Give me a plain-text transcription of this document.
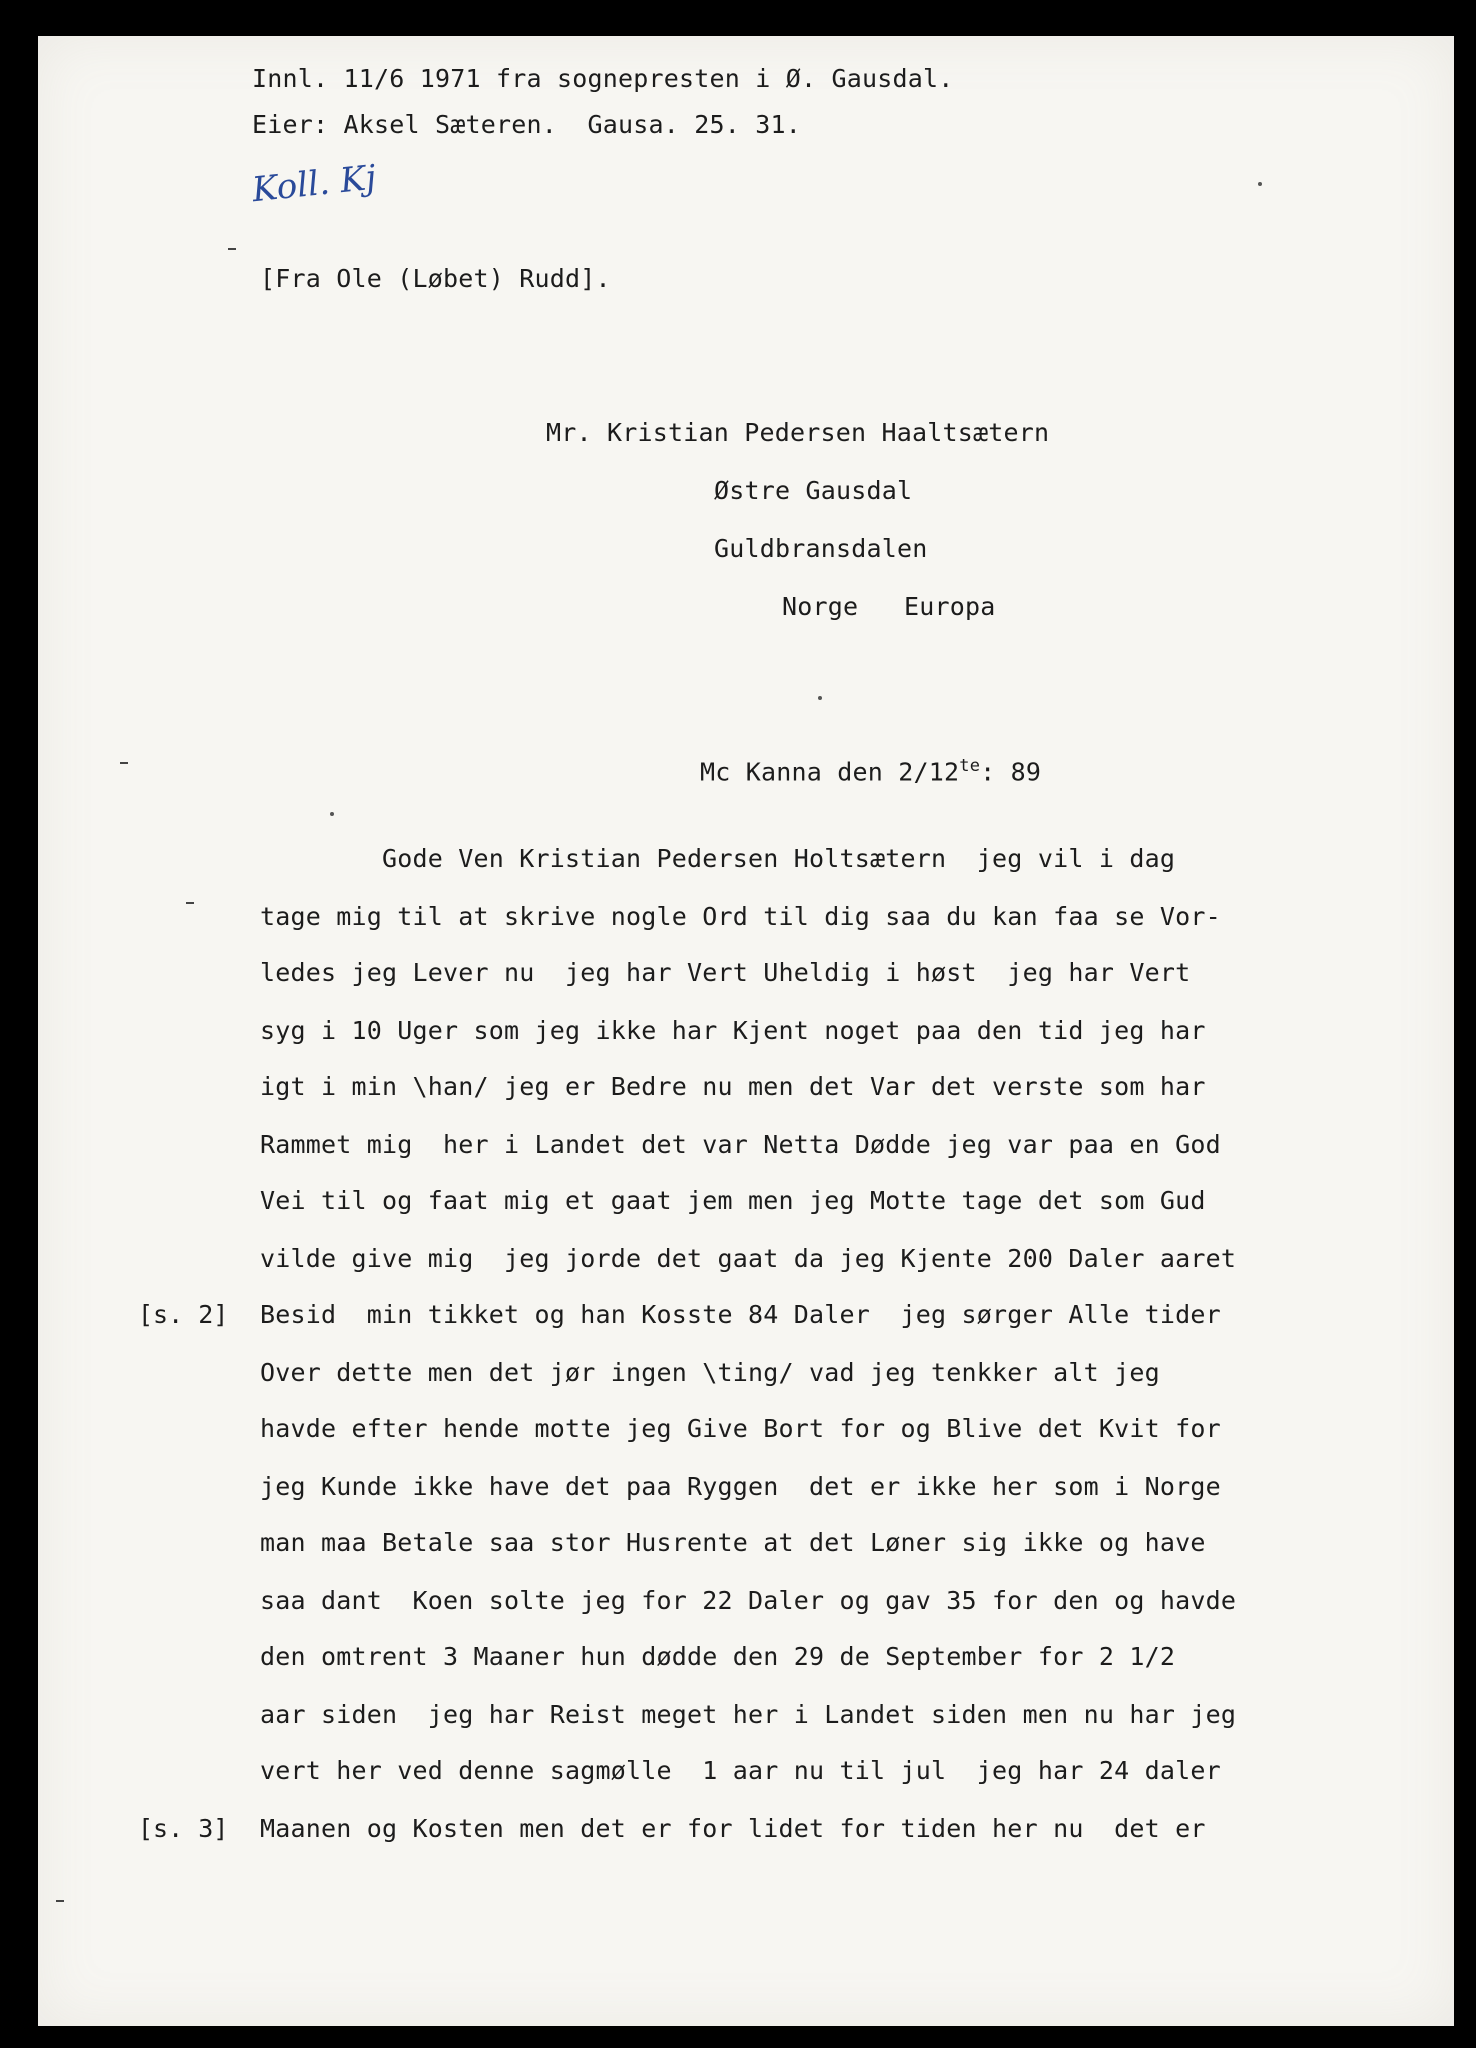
Innl. 11/6 1971 fra sognepresten i Ø. Gausdal.
Eier: Aksel Sæteren.  Gausa. 25. 31.
Koll. Kj
[Fra Ole (Løbet) Rudd].
Mr. Kristian Pedersen Haaltsætern
Østre Gausdal
Guldbransdalen
Norge   Europa
Mc Kanna den $2/12^{te}$: 89
Gode Ven Kristian Pedersen Holtsætern  jeg vil i dag
tage mig til at skrive nogle Ord til dig saa du kan faa se Vor-
ledes jeg Lever nu  jeg har Vert Uheldig i høst  jeg har Vert
syg i 10 Uger som jeg ikke har Kjent noget paa den tid jeg har
igt i min \han/ jeg er Bedre nu men det Var det verste som har
Rammet mig  her i Landet det var Netta Dødde jeg var paa en God
Vei til og faat mig et gaat jem men jeg Motte tage det som Gud
vilde give mig  jeg jorde det gaat da jeg Kjente 200 Daler aaret
Besid  min tikket og han Kosste 84 Daler  jeg sørger Alle tider
Over dette men det jør ingen \ting/ vad jeg tenkker alt jeg
havde efter hende motte jeg Give Bort for og Blive det Kvit for
jeg Kunde ikke have det paa Ryggen  det er ikke her som i Norge
man maa Betale saa stor Husrente at det Løner sig ikke og have
saa dant  Koen solte jeg for 22 Daler og gav 35 for den og havde
den omtrent 3 Maaner hun dødde den 29 de September for 2 1/2
aar siden  jeg har Reist meget her i Landet siden men nu har jeg
vert her ved denne sagmølle  1 aar nu til jul  jeg har 24 daler
Maanen og Kosten men det er for lidet for tiden her nu  det er
[s. 2]
[s. 3]
